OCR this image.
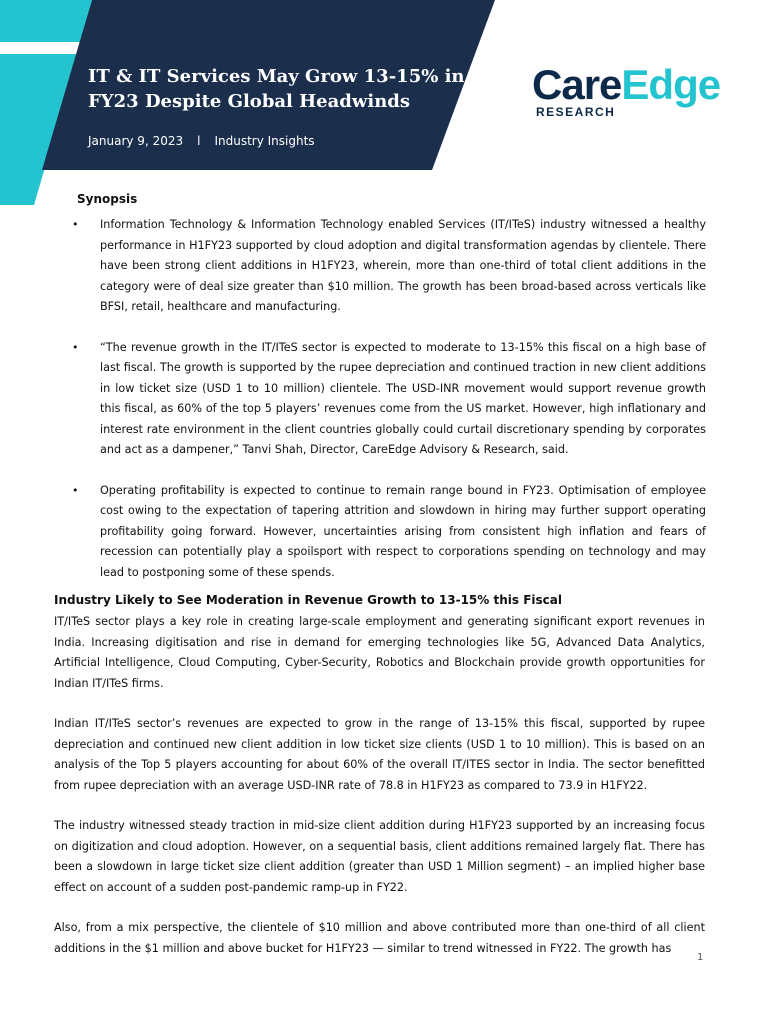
IT & IT Services May Grow 13-15% in FY23 Despite Global Headwinds
January 9, 2023 l Industry Insights
CareEdge
RESEARCH
Synopsis
• Information Technology & Information Technology enabled Services (IT/ITeS) industry witnessed a healthy performance in H1FY23 supported by cloud adoption and digital transformation agendas by clientele. There have been strong client additions in H1FY23, wherein, more than one-third of total client additions in the category were of deal size greater than $10 million. The growth has been broad-based across verticals like BFSI, retail, healthcare and manufacturing.
• “The revenue growth in the IT/ITeS sector is expected to moderate to 13-15% this fiscal on a high base of last fiscal. The growth is supported by the rupee depreciation and continued traction in new client additions in low ticket size (USD 1 to 10 million) clientele. The USD-INR movement would support revenue growth this fiscal, as 60% of the top 5 players’ revenues come from the US market. However, high inflationary and interest rate environment in the client countries globally could curtail discretionary spending by corporates and act as a dampener,” Tanvi Shah, Director, CareEdge Advisory & Research, said.
• Operating profitability is expected to continue to remain range bound in FY23. Optimisation of employee cost owing to the expectation of tapering attrition and slowdown in hiring may further support operating profitability going forward. However, uncertainties arising from consistent high inflation and fears of recession can potentially play a spoilsport with respect to corporations spending on technology and may lead to postponing some of these spends.
Industry Likely to See Moderation in Revenue Growth to 13-15% this Fiscal

IT/ITeS sector plays a key role in creating large-scale employment and generating significant export revenues in India. Increasing digitisation and rise in demand for emerging technologies like 5G, Advanced Data Analytics, Artificial Intelligence, Cloud Computing, Cyber-Security, Robotics and Blockchain provide growth opportunities for Indian IT/ITeS firms.

Indian IT/ITeS sector’s revenues are expected to grow in the range of 13-15% this fiscal, supported by rupee depreciation and continued new client addition in low ticket size clients (USD 1 to 10 million). This is based on an analysis of the Top 5 players accounting for about 60% of the overall IT/ITES sector in India. The sector benefitted from rupee depreciation with an average USD-INR rate of 78.8 in H1FY23 as compared to 73.9 in H1FY22.

The industry witnessed steady traction in mid-size client addition during H1FY23 supported by an increasing focus on digitization and cloud adoption. However, on a sequential basis, client additions remained largely flat. There has been a slowdown in large ticket size client addition (greater than USD 1 Million segment) – an implied higher base effect on account of a sudden post-pandemic ramp-up in FY22.

Also, from a mix perspective, the clientele of $10 million and above contributed more than one-third of all client additions in the $1 million and above bucket for H1FY23 — similar to trend witnessed in FY22. The growth has

1
